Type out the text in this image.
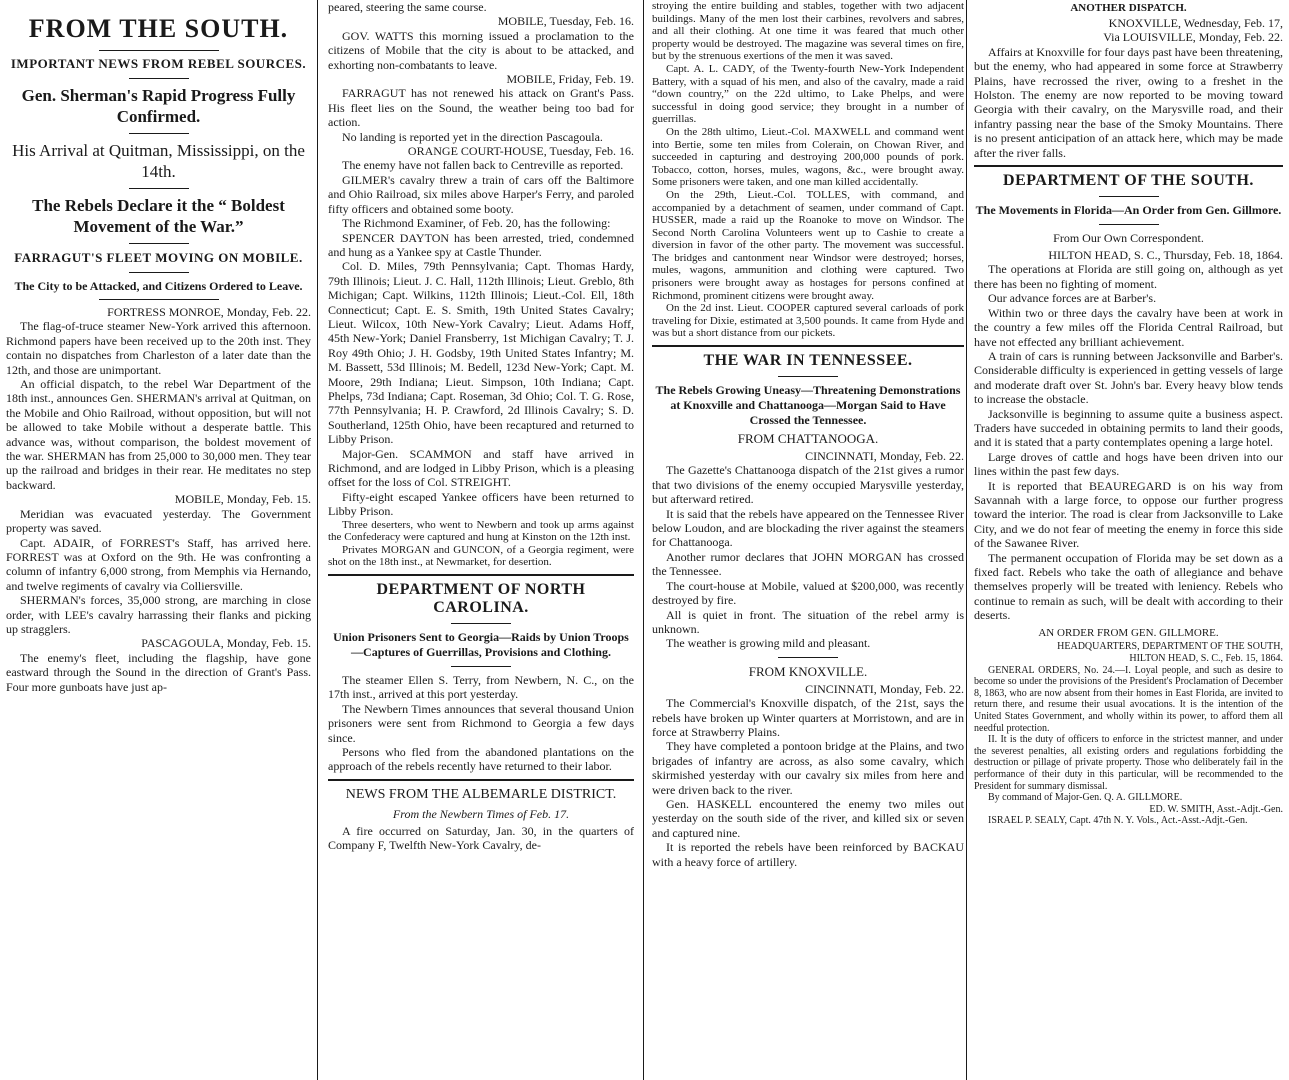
FROM THE SOUTH.
IMPORTANT NEWS FROM REBEL SOURCES.
Gen. Sherman's Rapid Progress Fully Confirmed.
His Arrival at Quitman, Mississippi, on the 14th.
The Rebels Declare it the “ Boldest Movement of the War.”
FARRAGUT'S FLEET MOVING ON MOBILE.
The City to be Attacked, and Citizens Ordered to Leave.
FORTRESS MONROE, Monday, Feb. 22.

The flag-of-truce steamer New-York arrived this afternoon. Richmond papers have been received up to the 20th inst. They contain no dispatches from Charleston of a later date than the 12th, and those are unimportant.

An official dispatch, to the rebel War Department of the 18th inst., announces Gen. SHERMAN's arrival at Quitman, on the Mobile and Ohio Railroad, without opposition, but will not be allowed to take Mobile without a desperate battle. This advance was, without comparison, the boldest movement of the war. SHERMAN has from 25,000 to 30,000 men. They tear up the railroad and bridges in their rear. He meditates no step backward.

MOBILE, Monday, Feb. 15.

Meridian was evacuated yesterday. The Government property was saved.

Capt. ADAIR, of FORREST's Staff, has arrived here. FORREST was at Oxford on the 9th. He was confronting a column of infantry 6,000 strong, from Memphis via Hernando, and twelve regiments of cavalry via Colliersville.

SHERMAN's forces, 35,000 strong, are marching in close order, with LEE's cavalry harrassing their flanks and picking up stragglers.

PASCAGOULA, Monday, Feb. 15.

The enemy's fleet, including the flagship, have gone eastward through the Sound in the direction of Grant's Pass. Four more gunboats have just ap-

peared, steering the same course.

MOBILE, Tuesday, Feb. 16.

GOV. WATTS this morning issued a proclamation to the citizens of Mobile that the city is about to be attacked, and exhorting non-combatants to leave.

MOBILE, Friday, Feb. 19.

FARRAGUT has not renewed his attack on Grant's Pass. His fleet lies on the Sound, the weather being too bad for action.

No landing is reported yet in the direction Pascagoula.

ORANGE COURT-HOUSE, Tuesday, Feb. 16.

The enemy have not fallen back to Centreville as reported.

GILMER's cavalry threw a train of cars off the Baltimore and Ohio Railroad, six miles above Harper's Ferry, and paroled fifty officers and obtained some booty.

The Richmond Examiner, of Feb. 20, has the following:

SPENCER DAYTON has been arrested, tried, condemned and hung as a Yankee spy at Castle Thunder.

Col. D. Miles, 79th Pennsylvania; Capt. Thomas Hardy, 79th Illinois; Lieut. J. C. Hall, 112th Illinois; Lieut. Greblo, 8th Michigan; Capt. Wilkins, 112th Illinois; Lieut.-Col. Ell, 18th Connecticut; Capt. E. S. Smith, 19th United States Cavalry; Lieut. Wilcox, 10th New-York Cavalry; Lieut. Adams Hoff, 45th New-York; Daniel Fransberry, 1st Michigan Cavalry; T. J. Roy 49th Ohio; J. H. Godsby, 19th United States Infantry; M. M. Bassett, 53d Illinois; M. Bedell, 123d New-York; Capt. M. Moore, 29th Indiana; Lieut. Simpson, 10th Indiana; Capt. Phelps, 73d Indiana; Capt. Roseman, 3d Ohio; Col. T. G. Rose, 77th Pennsylvania; H. P. Crawford, 2d Illinois Cavalry; S. D. Southerland, 125th Ohio, have been recaptured and returned to Libby Prison.

Major-Gen. SCAMMON and staff have arrived in Richmond, and are lodged in Libby Prison, which is a pleasing offset for the loss of Col. STREIGHT.

Fifty-eight escaped Yankee officers have been returned to Libby Prison.

Three deserters, who went to Newbern and took up arms against the Confederacy were captured and hung at Kinston on the 12th inst.

Privates MORGAN and GUNCON, of a Georgia regiment, were shot on the 18th inst., at Newmarket, for desertion.

DEPARTMENT OF NORTH CAROLINA.
Union Prisoners Sent to Georgia—Raids by Union Troops—Captures of Guerrillas, Provisions and Clothing.

The steamer Ellen S. Terry, from Newbern, N. C., on the 17th inst., arrived at this port yesterday.

The Newbern Times announces that several thousand Union prisoners were sent from Richmond to Georgia a few days since.

Persons who fled from the abandoned plantations on the approach of the rebels recently have returned to their labor.

NEWS FROM THE ALBEMARLE DISTRICT.
From the Newbern Times of Feb. 17.

A fire occurred on Saturday, Jan. 30, in the quarters of Company F, Twelfth New-York Cavalry, de-

stroying the entire building and stables, together with two adjacent buildings. Many of the men lost their carbines, revolvers and sabres, and all their clothing. At one time it was feared that much other property would be destroyed. The magazine was several times on fire, but by the strenuous exertions of the men it was saved.

Capt. A. L. CADY, of the Twenty-fourth New-York Independent Battery, with a squad of his men, and also of the cavalry, made a raid “down country,” on the 22d ultimo, to Lake Phelps, and were successful in doing good service; they brought in a number of guerrillas.

On the 28th ultimo, Lieut.-Col. MAXWELL and command went into Bertie, some ten miles from Colerain, on Chowan River, and succeeded in capturing and destroying 200,000 pounds of pork. Tobacco, cotton, horses, mules, wagons, &c., were brought away. Some prisoners were taken, and one man killed accidentally.

On the 29th, Lieut.-Col. TOLLES, with command, and accompanied by a detachment of seamen, under command of Capt. HUSSER, made a raid up the Roanoke to move on Windsor. The Second North Carolina Volunteers went up to Cashie to create a diversion in favor of the other party. The movement was successful. The bridges and cantonment near Windsor were destroyed; horses, mules, wagons, ammunition and clothing were captured. Two prisoners were brought away as hostages for persons confined at Richmond, prominent citizens were brought away.

On the 2d inst. Lieut. COOPER captured several carloads of pork traveling for Dixie, estimated at 3,500 pounds. It came from Hyde and was but a short distance from our pickets.

THE WAR IN TENNESSEE.
The Rebels Growing Uneasy—Threatening Demonstrations at Knoxville and Chattanooga—Morgan Said to Have Crossed the Tennessee.
FROM CHATTANOOGA.
CINCINNATI, Monday, Feb. 22.

The Gazette's Chattanooga dispatch of the 21st gives a rumor that two divisions of the enemy occupied Marysville yesterday, but afterward retired.

It is said that the rebels have appeared on the Tennessee River below Loudon, and are blockading the river against the steamers for Chattanooga.

Another rumor declares that JOHN MORGAN has crossed the Tennessee.

The court-house at Mobile, valued at $200,000, was recently destroyed by fire.

All is quiet in front. The situation of the rebel army is unknown.

The weather is growing mild and pleasant.

FROM KNOXVILLE.
CINCINNATI, Monday, Feb. 22.

The Commercial's Knoxville dispatch, of the 21st, says the rebels have broken up Winter quarters at Morristown, and are in force at Strawberry Plains.

They have completed a pontoon bridge at the Plains, and two brigades of infantry are across, as also some cavalry, which skirmished yesterday with our cavalry six miles from here and were driven back to the river.

Gen. HASKELL encountered the enemy two miles out yesterday on the south side of the river, and killed six or seven and captured nine.

It is reported the rebels have been reinforced by BACKAU with a heavy force of artillery.

ANOTHER DISPATCH.
KNOXVILLE, Wednesday, Feb. 17,
Via LOUISVILLE, Monday, Feb. 22.

Affairs at Knoxville for four days past have been threatening, but the enemy, who had appeared in some force at Strawberry Plains, have recrossed the river, owing to a freshet in the Holston. The enemy are now reported to be moving toward Georgia with their cavalry, on the Marysville road, and their infantry passing near the base of the Smoky Mountains. There is no present anticipation of an attack here, which may be made after the river falls.

DEPARTMENT OF THE SOUTH.
The Movements in Florida—An Order from Gen. Gillmore.
From Our Own Correspondent.
HILTON HEAD, S. C., Thursday, Feb. 18, 1864.

The operations at Florida are still going on, although as yet there has been no fighting of moment.

Our advance forces are at Barber's.

Within two or three days the cavalry have been at work in the country a few miles off the Florida Central Railroad, but have not effected any brilliant achievement.

A train of cars is running between Jacksonville and Barber's. Considerable difficulty is experienced in getting vessels of large and moderate draft over St. John's bar. Every heavy blow tends to increase the obstacle.

Jacksonville is beginning to assume quite a business aspect. Traders have succeded in obtaining permits to land their goods, and it is stated that a party contemplates opening a large hotel.

Large droves of cattle and hogs have been driven into our lines within the past few days.

It is reported that BEAUREGARD is on his way from Savannah with a large force, to oppose our further progress toward the interior. The road is clear from Jacksonville to Lake City, and we do not fear of meeting the enemy in force this side of the Sawanee River.

The permanent occupation of Florida may be set down as a fixed fact. Rebels who take the oath of allegiance and behave themselves properly will be treated with leniency. Rebels who continue to remain as such, will be dealt with according to their deserts.

AN ORDER FROM GEN. GILLMORE.
HEADQUARTERS, DEPARTMENT OF THE SOUTH,
HILTON HEAD, S. C., Feb. 15, 1864.

GENERAL ORDERS, No. 24.—I. Loyal people, and such as desire to become so under the provisions of the President's Proclamation of December 8, 1863, who are now absent from their homes in East Florida, are invited to return there, and resume their usual avocations. It is the intention of the United States Government, and wholly within its power, to afford them all needful protection.

II. It is the duty of officers to enforce in the strictest manner, and under the severest penalties, all existing orders and regulations forbidding the destruction or pillage of private property. Those who deliberately fail in the performance of their duty in this particular, will be recommended to the President for summary dismissal.

By command of Major-Gen. Q. A. GILLMORE.

ED. W. SMITH, Asst.-Adjt.-Gen.

ISRAEL P. SEALY, Capt. 47th N. Y. Vols., Act.-Asst.-Adjt.-Gen.
